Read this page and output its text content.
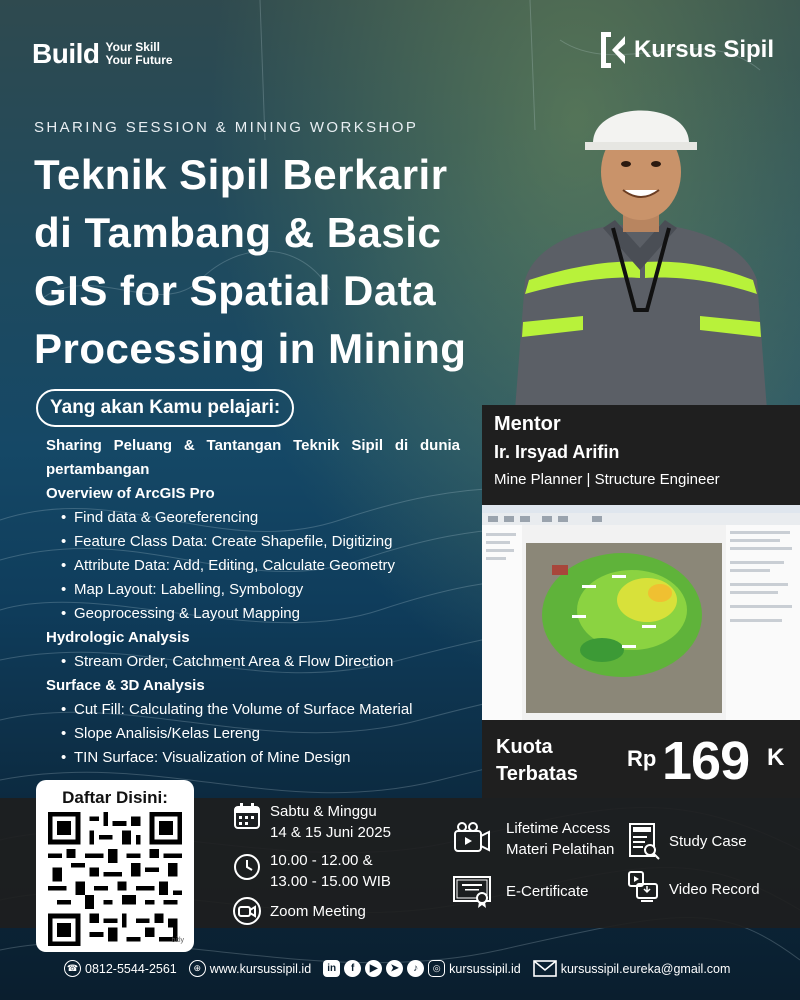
Build Your Skill
Your Future	Kursus Sipil
SHARING SESSION & MINING WORKSHOP
Teknik Sipil Berkarir
di Tambang & Basic
GIS for Spatial Data
Processing in Mining
Yang akan Kamu pelajari:
Sharing Peluang & Tantangan Teknik Sipil di dunia pertambangan
Overview of ArcGIS Pro
• Find data & Georeferencing
• Feature Class Data: Create Shapefile, Digitizing
• Attribute Data: Add, Editing, Calculate Geometry
• Map Layout: Labelling, Symbology
• Geoprocessing & Layout Mapping
Hydrologic Analysis
• Stream Order, Catchment Area & Flow Direction
Surface & 3D Analysis
• Cut Fill: Calculating the Volume of Surface Material
• Slope Analisis/Kelas Lereng
• TIN Surface: Visualization of Mine Design
Mentor
Ir. Irsyad Arifin
Mine Planner | Structure Engineer
Kuota
Terbatas
Rp 169 K
Daftar Disini:
bitly
Sabtu & Minggu
14 & 15 Juni 2025
10.00 - 12.00 &
13.00 - 15.00 WIB
Zoom Meeting
Lifetime Access
Materi Pelatihan	Study Case
E-Certificate	Video Record
☎ 0812-5544-2561	⊕ www.kursussipil.id	in	f	▶	➤	♪	◎ kursussipil.id	kursussipil.eureka@gmail.com
